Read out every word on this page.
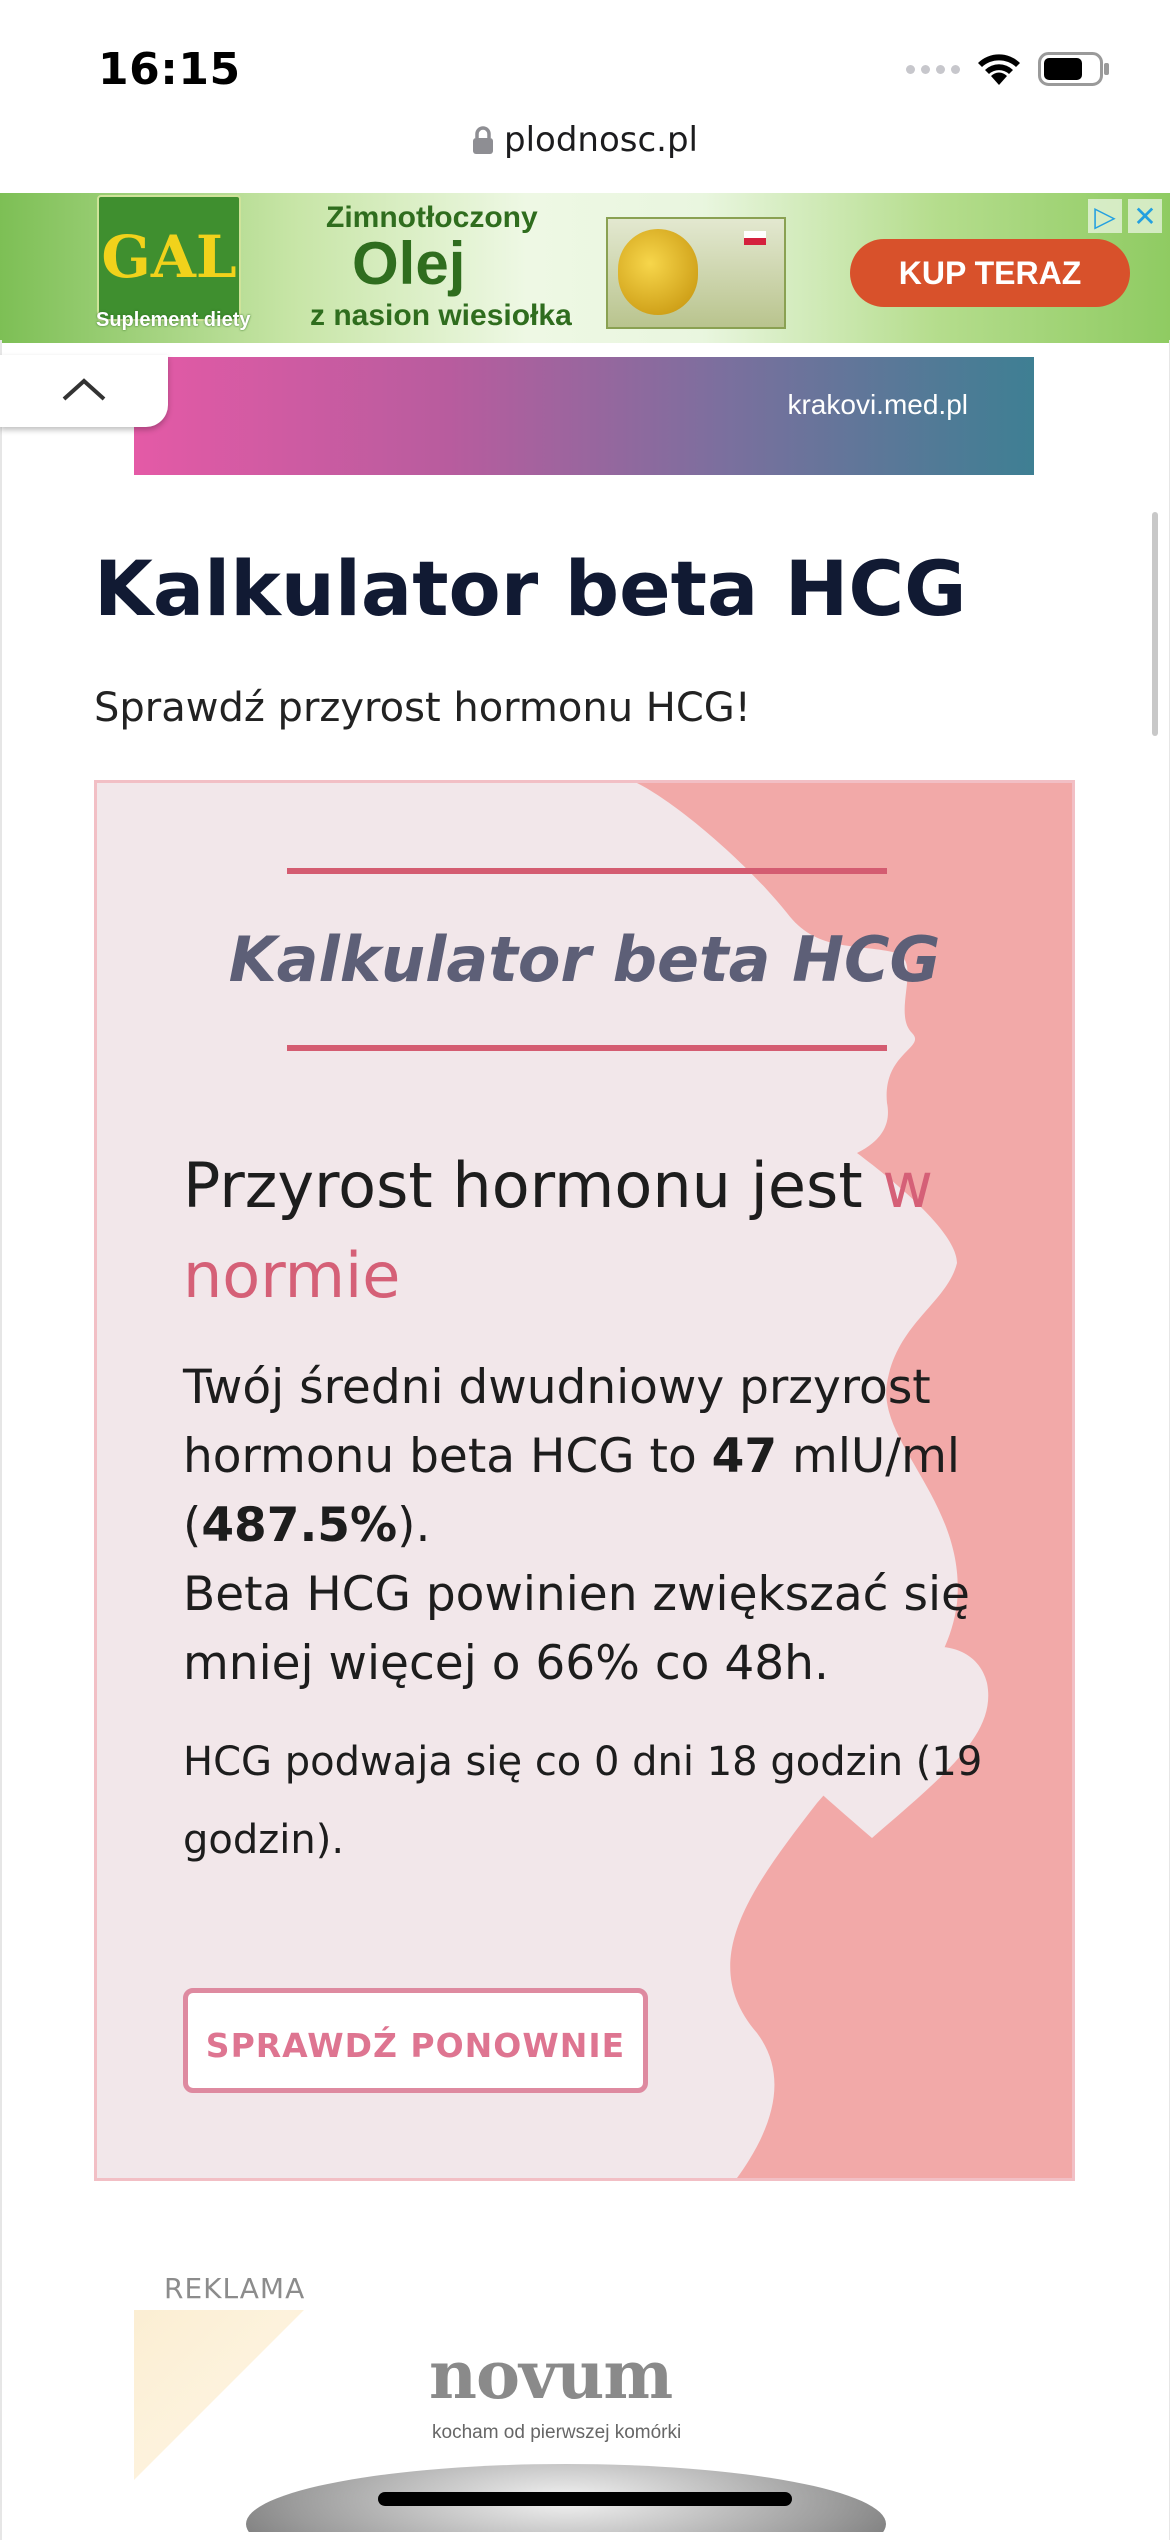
16:15
plodnosc.pl
GAL
Suplement diety
Zimnotłoczony
Olej
z nasion wiesiołka
KUP TERAZ
▷ ✕
krakovi.med.pl
Kalkulator beta HCG
Sprawdź przyrost hormonu HCG!
Kalkulator beta HCG
Przyrost hormonu jest w normie
Twój średni dwudniowy przyrost hormonu beta HCG to 47 mlU/ml (487.5%).
Beta HCG powinien zwiększać się mniej więcej o 66% co 48h.
HCG podwaja się co 0 dni 18 godzin (19 godzin).
SPRAWDŹ PONOWNIE
REKLAMA
novum
kocham od pierwszej komórki
